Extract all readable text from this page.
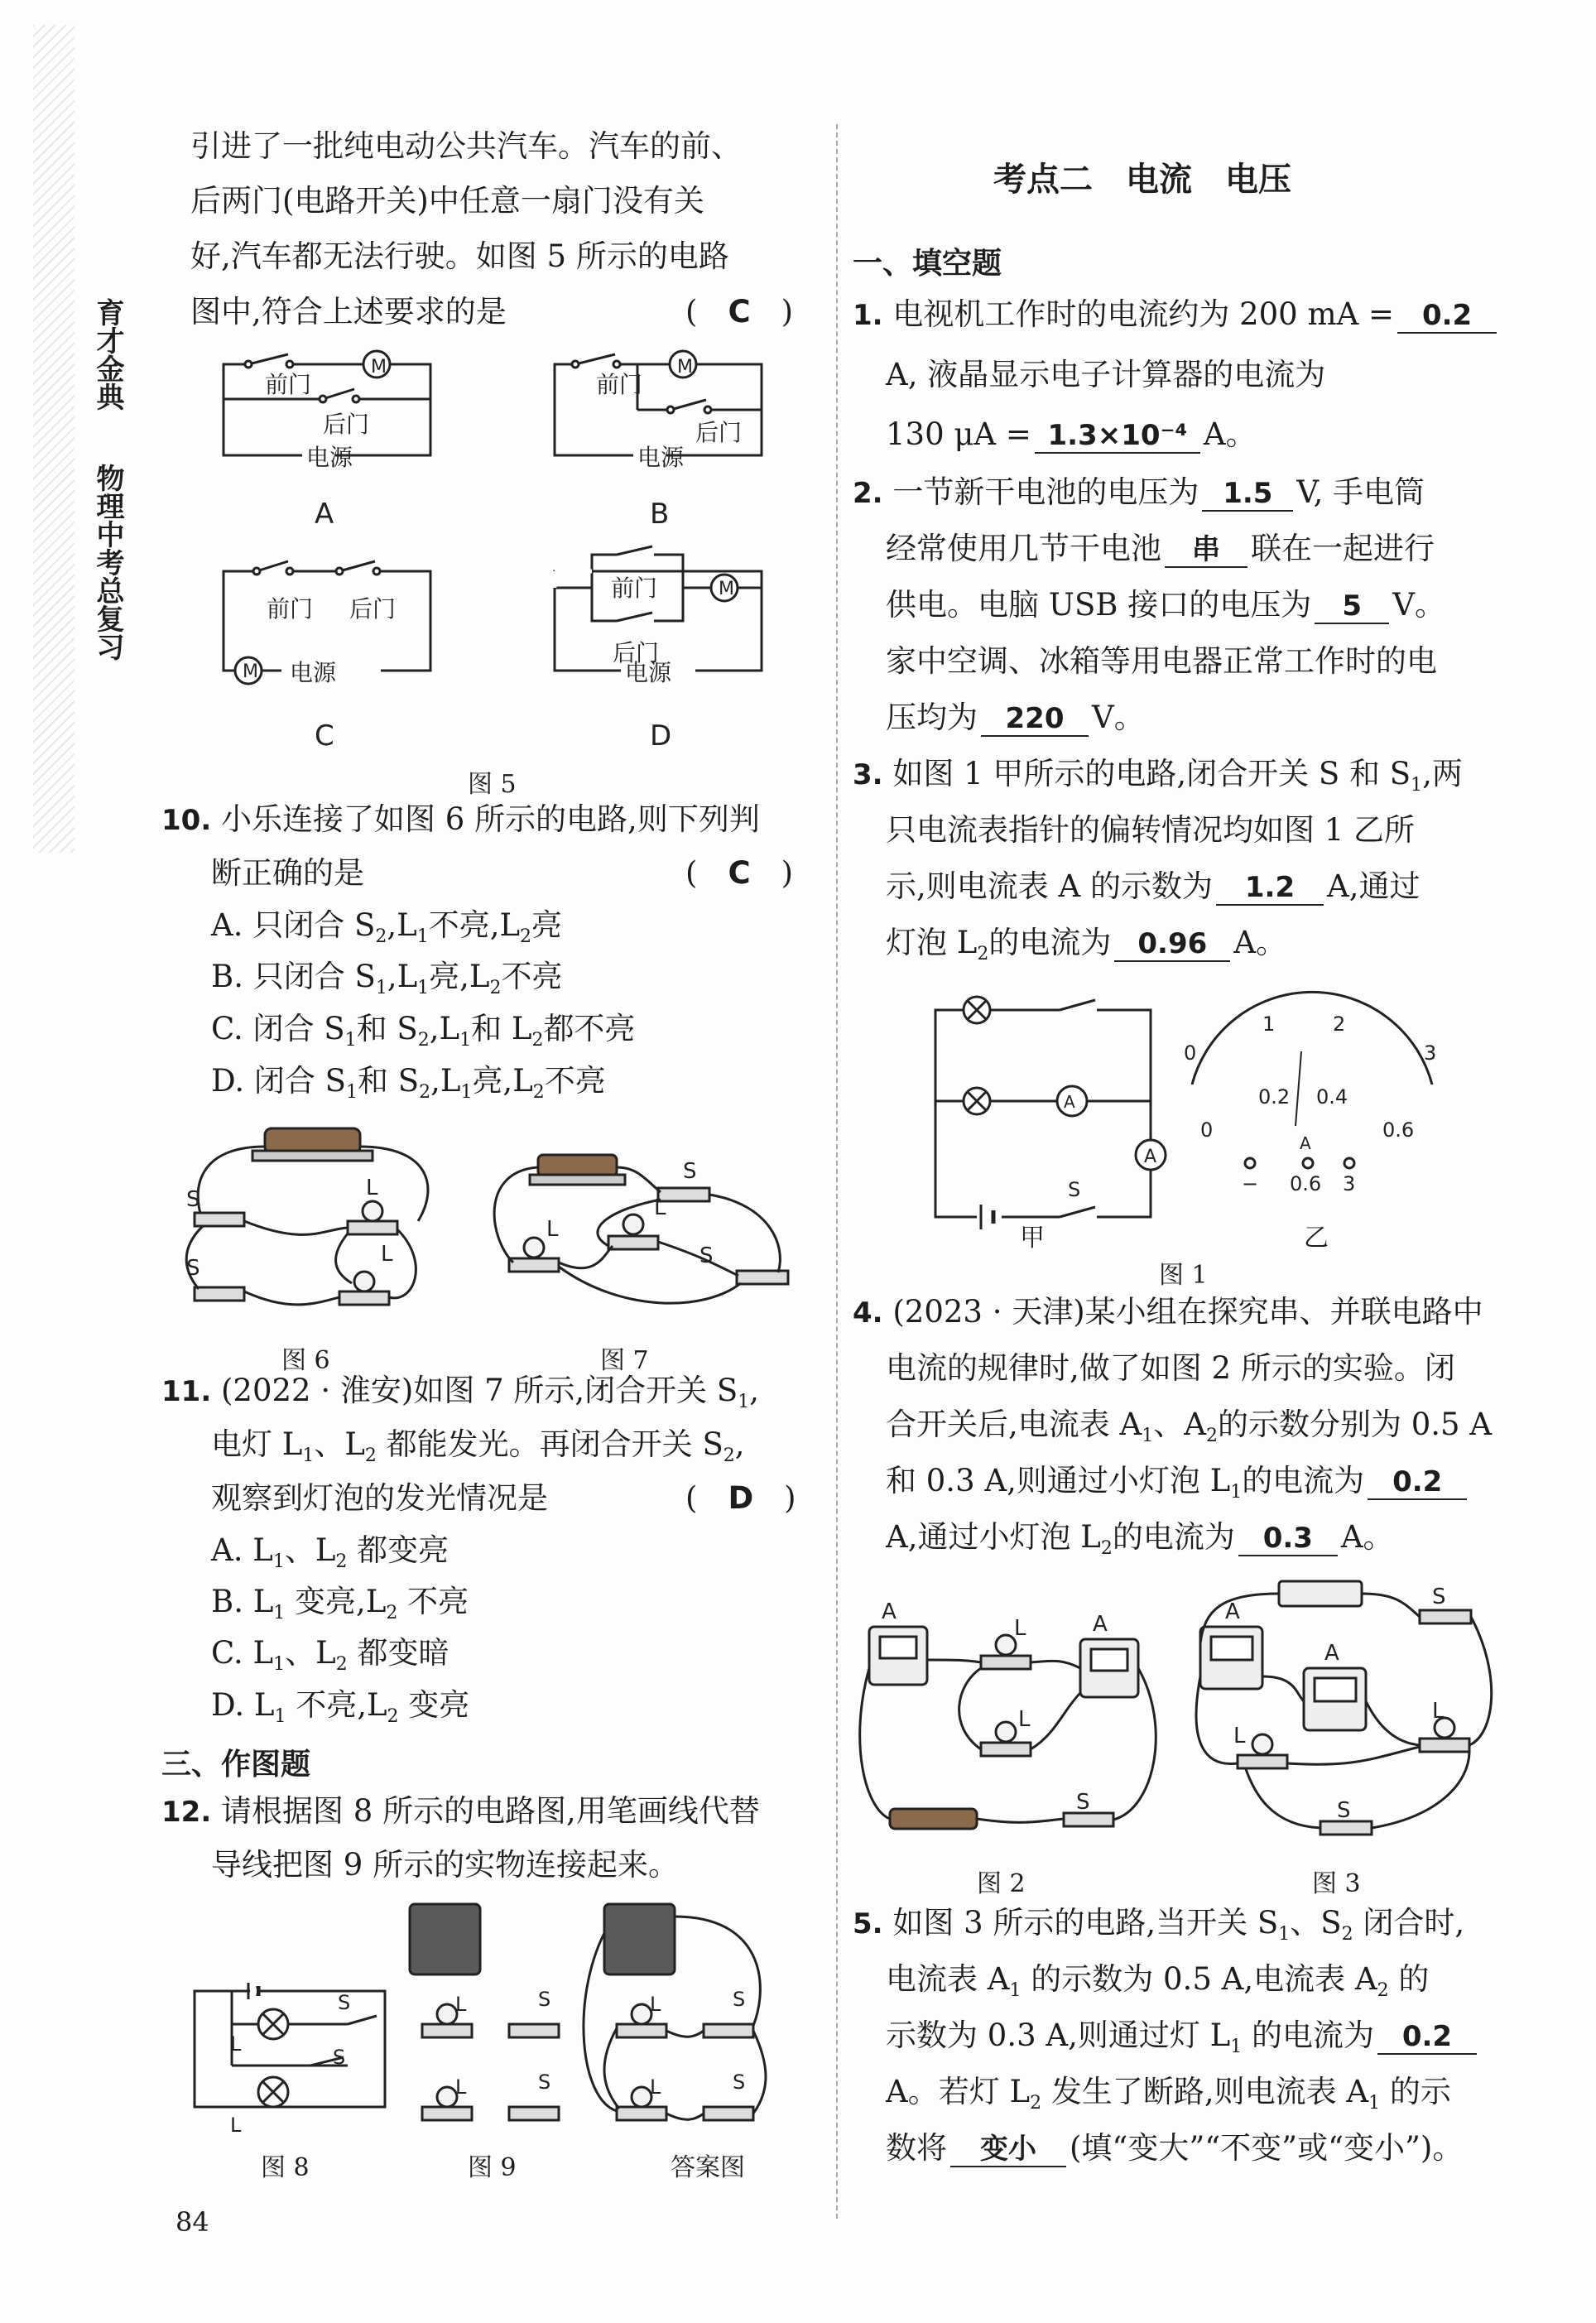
育才金典
物理中考总复习
引进了一批纯电动公共汽车。汽车的前、
后两门(电路开关)中任意一扇门没有关
好,汽车都无法行驶。如图 5 所示的电路
图中,符合上述要求的是	(　C　)
前门
后门
电源
M
A
前门
后门
电源
M
B
前门 后门
电源
M
C
前门
后门
电源
M
D
图 5
10. 小乐连接了如图 6 所示的电路,则下列判
断正确的是	(　C　)
A. 只闭合 $S_2,L_1$不亮$,L_2$亮
B. 只闭合 $S_1,L_1$亮$,L_2$不亮
C. 闭合 $S_1$和 $S_2,L_1$和 $L_2$都不亮
D. 闭合 $S_1$和 $S_2,L_1$亮$,L_2$不亮
S	L
S
L
S
L
L
S
图 6	图 7
11. (2022 · 淮安)如图 7 所示,闭合开关 $S_1$,
电灯 $L_1$、$L_2$ 都能发光。再闭合开关 $S_2$,
观察到灯泡的发光情况是	(　D　)
A. $L_1$、$L_2$ 都变亮
B. $L_1$ 变亮$,L_2$ 不亮
C. $L_1$、$L_2$ 都变暗
D. $L_1$ 不亮$,L_2$ 变亮
三、作图题
12. 请根据图 8 所示的电路图,用笔画线代替
导线把图 9 所示的实物连接起来。
L
L
S
S	L	S
L	S
L	S
L	S
图 8	图 9	答案图
84
考点二　电流　电压
一、填空题
1. 电视机工作时的电流约为 200 mA = 0.2
A, 液晶显示电子计算器的电流为
130 μA = 1.3×10⁻⁴ A。
2. 一节新干电池的电压为 1.5 V, 手电筒
经常使用几节干电池 串 联在一起进行
供电。电脑 USB 接口的电压为 5 V。
家中空调、冰箱等用电器正常工作时的电
压均为 220 V。
3. 如图 1 甲所示的电路,闭合开关 S 和 $S_1$,两
只电流表指针的偏转情况均如图 1 乙所
示,则电流表 A 的示数为 1.2 A,通过
灯泡 $L_2$的电流为 0.96 A。
A
A
S
0
1	2
3
0
0.2 0.4
0.6
− 0.6 3
A
甲	乙
图 1
4. (2023 · 天津)某小组在探究串、并联电路中
电流的规律时,做了如图 2 所示的实验。闭
合开关后,电流表 $A_1$、$A_2$的示数分别为 0.5 A
和 0.3 A,则通过小灯泡 $L_1$的电流为 0.2
A,通过小灯泡 $L_2$的电流为 0.3 A。
A	A
L
L
S
A
A
S
L
L
S
图 2	图 3
5. 如图 3 所示的电路,当开关 $S_1$、$S_2$ 闭合时,
电流表 $A_1$ 的示数为 0.5 A,电流表 $A_2$ 的
示数为 0.3 A,则通过灯 $L_1$ 的电流为 0.2
A。若灯 $L_2$ 发生了断路,则电流表 $A_1$ 的示
数将 变小 (填“变大”“不变”或“变小”)。
